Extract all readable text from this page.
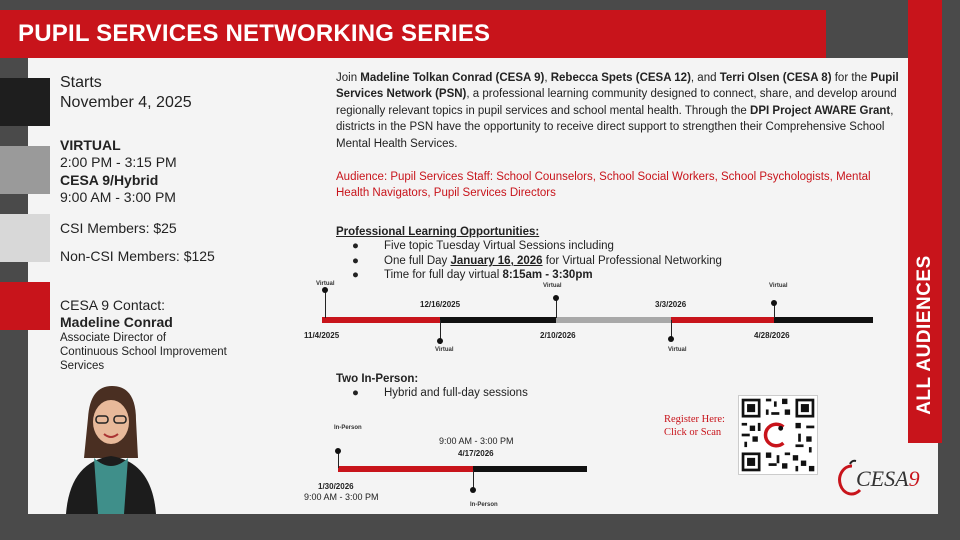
ALL AUDIENCES
PUPIL SERVICES NETWORKING SERIES
Starts
November 4, 2025
VIRTUAL
2:00 PM - 3:15 PM
CESA 9/Hybrid
9:00 AM - 3:00 PM
CSI Members: $25
Non-CSI Members: $125
CESA 9 Contact:
Madeline Conrad
Associate Director of
Continuous School Improvement
Services
Join Madeline Tolkan Conrad (CESA 9), Rebecca Spets (CESA 12), and Terri Olsen (CESA 8) for the Pupil Services Network (PSN), a professional learning community designed to connect, share, and develop around regionally relevant topics in pupil services and school mental health. Through the DPI Project AWARE Grant, districts in the PSN have the opportunity to receive direct support to strengthen their Comprehensive School Mental Health Services.
Audience: Pupil Services Staff: School Counselors, School Social Workers, School Psychologists, Mental Health Navigators, Pupil Services Directors
Professional Learning Opportunities:
● Five topic Tuesday Virtual Sessions including
● One full Day January 16, 2026 for Virtual Professional Networking
● Time for full day virtual 8:15am - 3:30pm
Virtual
11/4/2025
Virtual
12/16/2025
Virtual
2/10/2026
Virtual
3/3/2026
Virtual
4/28/2026
Two In-Person:
● Hybrid and full-day sessions
In-Person
1/30/2026
9:00 AM - 3:00 PM
In-Person
4/17/2026
9:00 AM - 3:00 PM
Register Here:
Click or Scan
CESA9
